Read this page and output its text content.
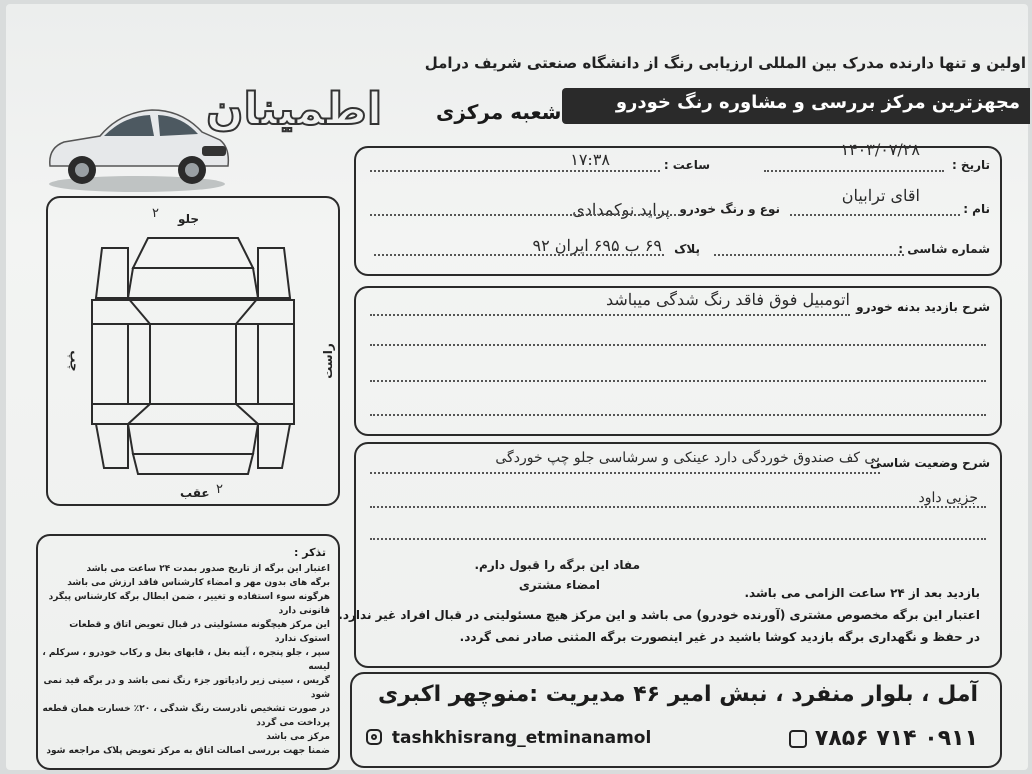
اولین و تنها دارنده مدرک بین المللی ارزیابی رنگ از دانشگاه صنعتی شریف درامل
اطمینان	شعبه مرکزی	مجهزترین مرکز بررسی و مشاوره رنگ خودرو
تاریخ :
۱۴۰۳/۰۷/۲۸
ساعت :
۱۷:۳۸
نام :
اقای ترابیان
نوع و رنگ خودرو
پراید نوکمدادی
شماره شاسی :
پلاک
۶۹ ب ۶۹۵ ایران ۹۲
شرح بازدید بدنه خودرو
اتومبیل فوق فاقد رنگ شدگی میباشد
شرح وضعیت شاسی
بی کف صندوق خوردگی دارد عینکی و سرشاسی جلو چپ خوردگی
جزیی داود
مفاد این برگه را قبول دارم.
امضاء مشتری
بازدید بعد از ۲۴ ساعت الزامی می باشد.
اعتبار این برگه مخصوص مشتری (آورنده خودرو) می باشد و این مرکز هیچ مسئولیتی در قبال افراد غیر ندارد.
در حفظ و نگهداری برگه بازدید کوشا باشید در غیر اینصورت برگه المثنی صادر نمی گردد.
جلو
۲
عقب ۲
چپ	راست
تذکر :
اعتبار این برگه از تاریخ صدور بمدت ۲۴ ساعت می باشد
برگه های بدون مهر و امضاء کارشناس فاقد ارزش می باشد
هرگونه سوء استفاده و تغییر ، ضمن ابطال برگه کارشناس پیگرد قانونی دارد
این مرکز هیچگونه مسئولیتی در قبال تعویض اتاق و قطعات استوک ندارد
سپر ، جلو پنجره ، آینه بغل ، قابهای بغل و رکاب خودرو ، سرکلم ، لیسه
گریس ، سینی زیر رادیاتور جزء رنگ نمی باشد و در برگه قید نمی شود
در صورت تشخیص نادرست رنگ شدگی ، ۲۰٪ خسارت همان قطعه پرداخت می گردد
مرکز می باشد
ضمنا جهت بررسی اصالت اتاق به مرکز تعویض پلاک مراجعه شود
آمل ، بلوار منفرد ، نبش امیر ۴۶ مدیریت :منوچهر اکبری
۰۹۱۱ ۷۱۴ ۷۸۵۶
tashkhisrang_etminanamol
